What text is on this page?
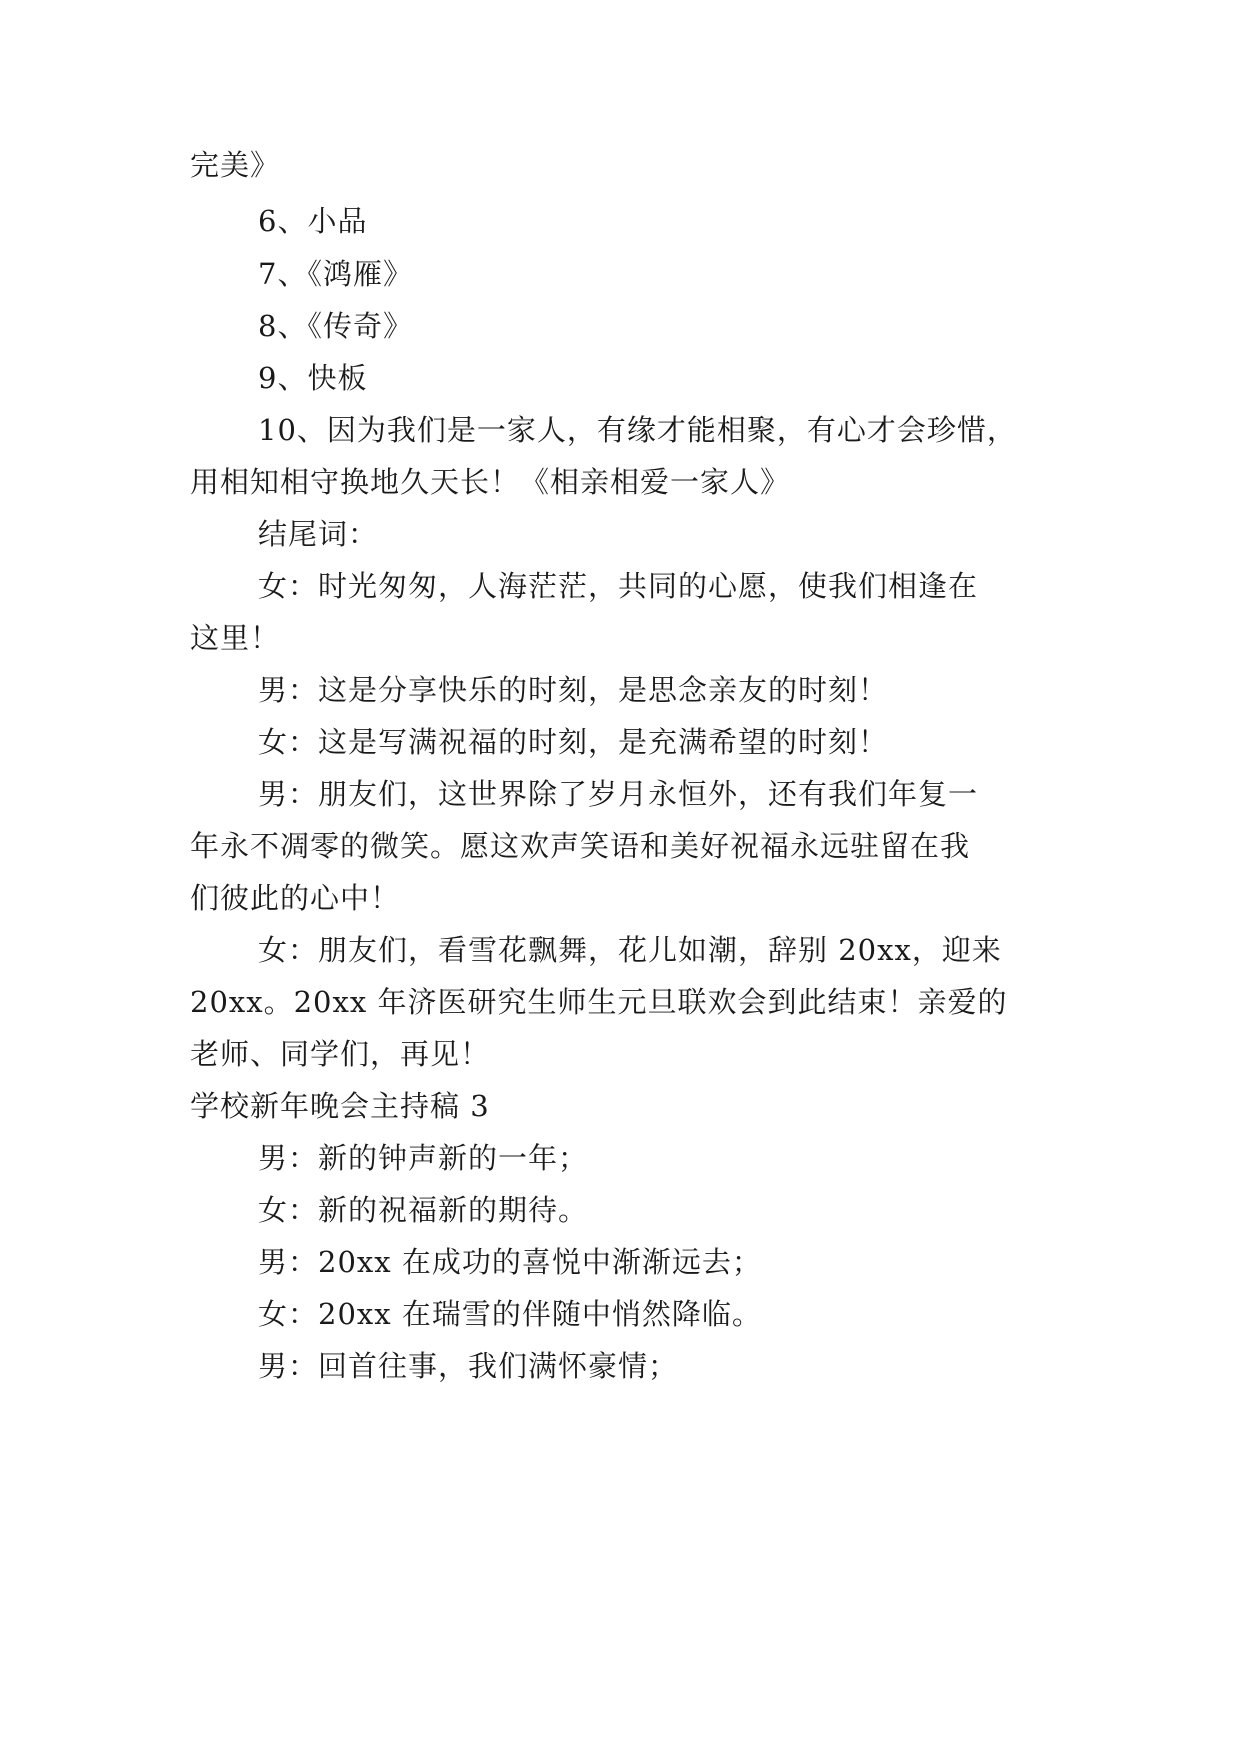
完美》

6、小品

7、《鸿雁》

8、《传奇》

9、快板

10、因为我们是一家人，有缘才能相聚，有心才会珍惜，

用相知相守换地久天长！《相亲相爱一家人》

结尾词：

女：时光匆匆，人海茫茫，共同的心愿，使我们相逢在

这里！

男：这是分享快乐的时刻，是思念亲友的时刻！

女：这是写满祝福的时刻，是充满希望的时刻！

男：朋友们，这世界除了岁月永恒外，还有我们年复一

年永不凋零的微笑。愿这欢声笑语和美好祝福永远驻留在我

们彼此的心中！

女：朋友们，看雪花飘舞，花儿如潮，辞别 20xx，迎来

20xx。20xx 年济医研究生师生元旦联欢会到此结束！亲爱的

老师、同学们，再见！

学校新年晚会主持稿 3

男：新的钟声新的一年；

女：新的祝福新的期待。

男：20xx 在成功的喜悦中渐渐远去；

女：20xx 在瑞雪的伴随中悄然降临。

男：回首往事，我们满怀豪情；
